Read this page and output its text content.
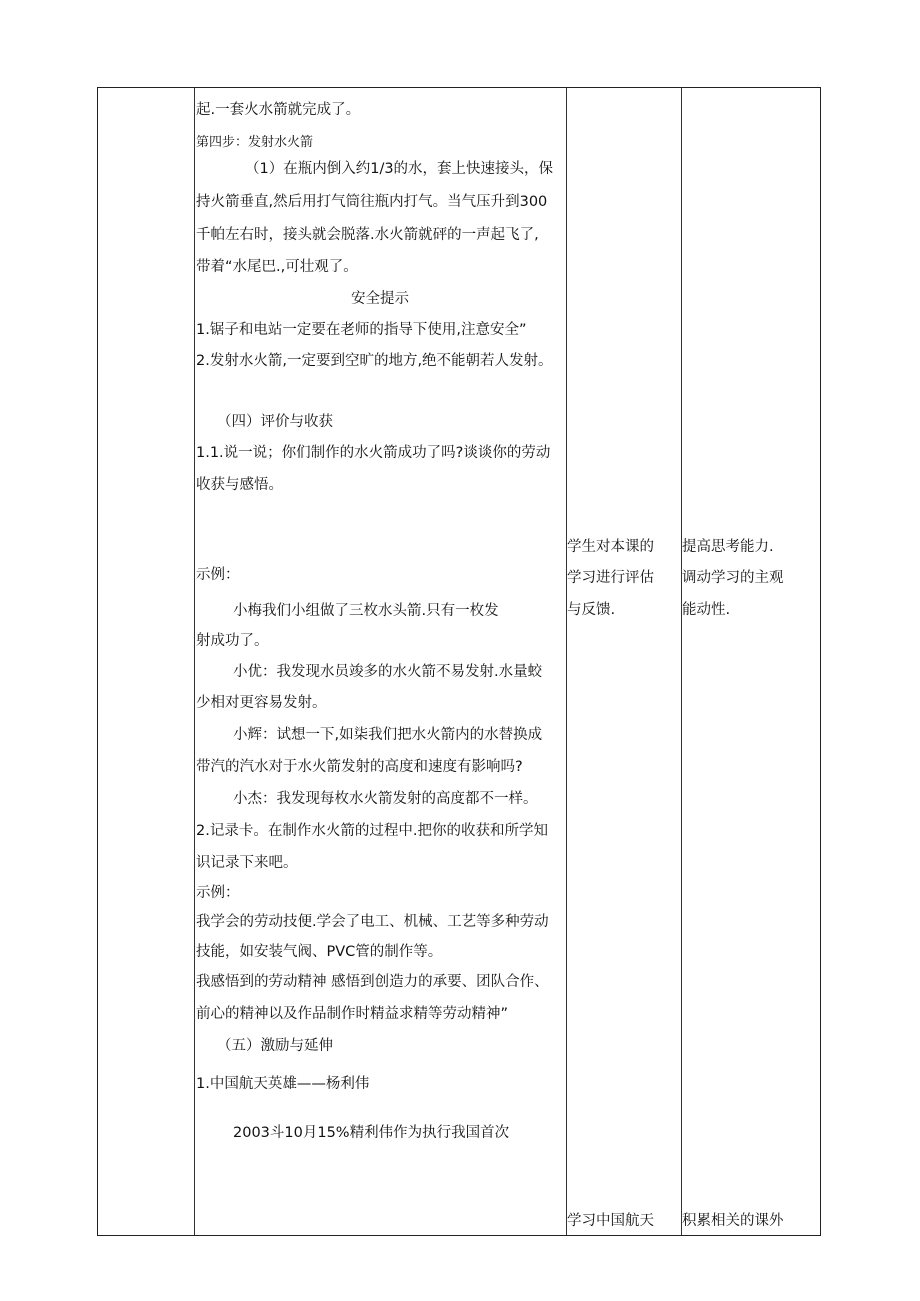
起.一套火水箭就完成了。
第四步：发射水火箭
（1）在瓶内倒入约1/3的水，套上快速接头，保
持火箭垂直,然后用打气筒往瓶内打气。当气压升到300
千帕左右时，接头就会脱落.水火箭就砰的一声起飞了,
带着“水尾巴.,可壮观了。
安全提示
1.锯子和电站一定要在老师的指导下使用,注意安全”
2.发射水火箭,一定要到空旷的地方,绝不能朝若人发射。
（四）评价与收获
1.1.说一说；你们制作的水火箭成功了吗?谈谈你的劳动
收获与感悟。
示例：
小梅我们小组做了三枚水头箭.只有一枚发
射成功了。
小优：我发现水员竣多的水火箭不易发射.水量蛟
少相对更容易发射。
小辉：试想一下,如柒我们把水火箭内的水替换成
带汽的汽水对于水火箭发射的高度和速度有影响吗?
小杰：我发现每枚水火箭发射的高度都不一样。
2.记录卡。在制作水火箭的过程中.把你的收获和所学知
识记录下来吧。
示例：
我学会的劳动技便.学会了电工、机械、工艺等多种劳动
技能，如安装气阀、PVC管的制作等。
我感悟到的劳动精神 感悟到创造力的承要、团队合作、
前心的精神以及作品制作时精益求精等劳动精神”
（五）激励与延伸
1.中国航天英雄——杨利伟
2003斗10月15%精利伟作为执行我国首次
学生对本课的
学习进行评估
与反馈.
学习中国航天
提高思考能力.
调动学习的主观
能动性.
积累相关的课外
